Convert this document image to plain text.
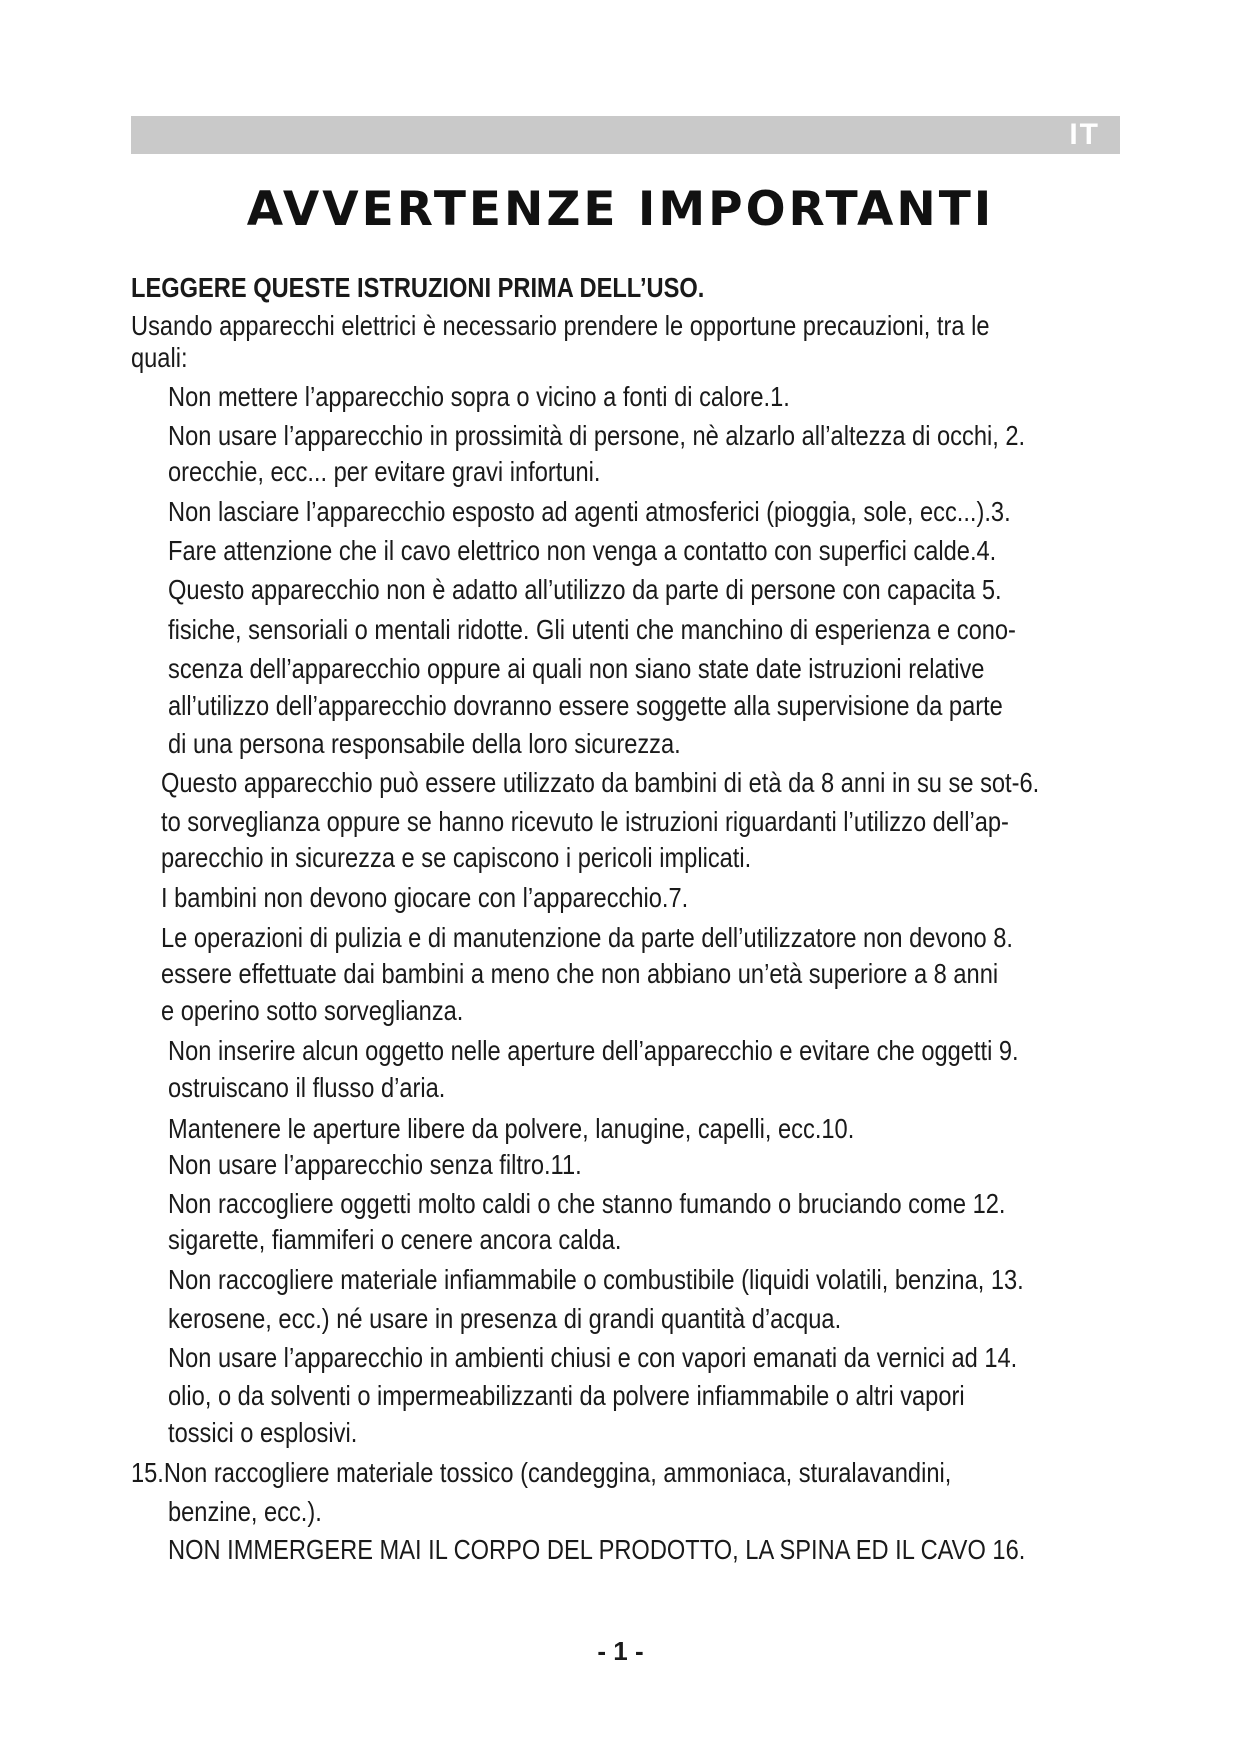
IT
AVVERTENZE IMPORTANTI
LEGGERE QUESTE ISTRUZIONI PRIMA DELL’USO.
Usando apparecchi elettrici è necessario prendere le opportune precauzioni, tra le
quali:
Non mettere l’apparecchio sopra o vicino a fonti di calore.1.
Non usare l’apparecchio in prossimità di persone, nè alzarlo all’altezza di occhi, 2.
orecchie, ecc... per evitare gravi infortuni.
Non lasciare l’apparecchio esposto ad agenti atmosferici (pioggia, sole, ecc...).3.
Fare attenzione che il cavo elettrico non venga a contatto con superfici calde.4.
Questo apparecchio non è adatto all’utilizzo da parte di persone con capacita 5.
fisiche, sensoriali o mentali ridotte. Gli utenti che manchino di esperienza e cono-
scenza dell’apparecchio oppure ai quali non siano state date istruzioni relative
all’utilizzo dell’apparecchio dovranno essere soggette alla supervisione da parte
di una persona responsabile della loro sicurezza.
Questo apparecchio può essere utilizzato da bambini di età da 8 anni in su se sot-6.
to sorveglianza oppure se hanno ricevuto le istruzioni riguardanti l’utilizzo dell’ap-
parecchio in sicurezza e se capiscono i pericoli implicati.
I bambini non devono giocare con l’apparecchio.7.
Le operazioni di pulizia e di manutenzione da parte dell’utilizzatore non devono 8.
essere effettuate dai bambini a meno che non abbiano un’età superiore a 8 anni
e operino sotto sorveglianza.
Non inserire alcun oggetto nelle aperture dell’apparecchio e evitare che oggetti 9.
ostruiscano il flusso d’aria.
Mantenere le aperture libere da polvere, lanugine, capelli, ecc.10.
Non usare l’apparecchio senza filtro.11.
Non raccogliere oggetti molto caldi o che stanno fumando o bruciando come 12.
sigarette, fiammiferi o cenere ancora calda.
Non raccogliere materiale infiammabile o combustibile (liquidi volatili, benzina, 13.
kerosene, ecc.) né usare in presenza di grandi quantità d’acqua.
Non usare l’apparecchio in ambienti chiusi e con vapori emanati da vernici ad 14.
olio, o da solventi o impermeabilizzanti da polvere infiammabile o altri vapori
tossici o esplosivi.
15.Non raccogliere materiale tossico (candeggina, ammoniaca, sturalavandini,
benzine, ecc.).
NON IMMERGERE MAI IL CORPO DEL PRODOTTO, LA SPINA ED IL CAVO 16.
- 1 -
